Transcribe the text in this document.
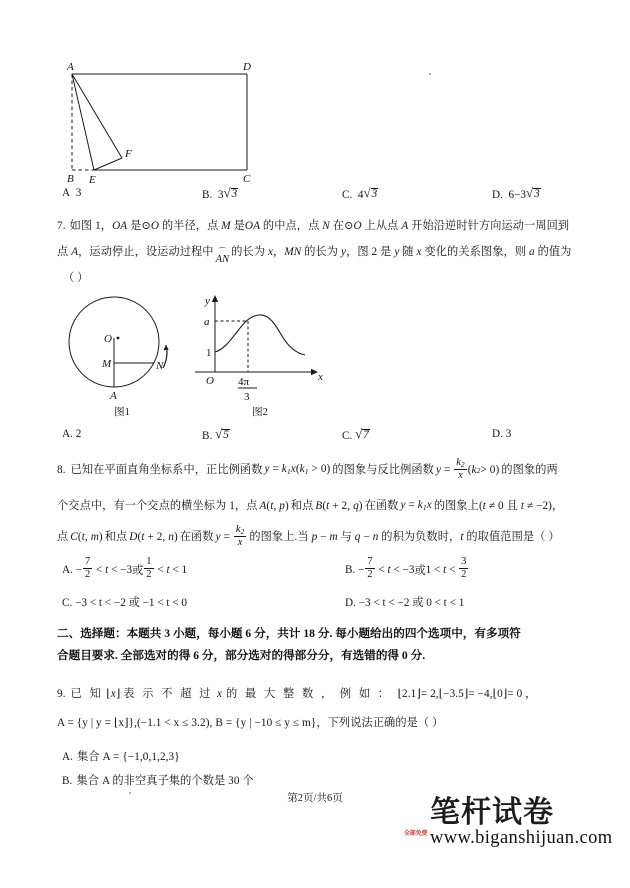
A	D
B E	C
F
A 3	B.  3 √ 3	C.  4 √ 3	D.  6−3 √ 3
7. 如图 1，OA 是⊙O 的半径，点 M 是OA 的中点，点 N 在⊙O 上从点 A 开始沿逆时针方向运动一周回到
点 A，运动停止，设运动过程中 ⌒
AN
的长为 x，MN 的长为 y，图 2 是 y 随 x 变化的关系图象，则 a 的值为
（ ）
O
M	N
A
图1
y
x
a
1
O 4π
3
图2
A. 2	B. √ 5	C. √ 7	D. 3
8. 已知在平面直角坐标系中，正比例函数 $y = k_1x(k_1 > 0)$ 的图象与反比例函数 $y = \frac{k_2}{x}$ ( k 2 > 0) 的图象的两
个交点中，有一个交点的横坐标为 1，点 A(t, p) 和点 B(t + 2, q) 在函数 $y = k_1x$ 的图象上(t ≠ 0 且 t ≠ −2)，
点 C(t, m) 和点 D(t + 2, n) 在函数 $y = \frac{k_2}{x}$ 的图象上.当 p − m 与 q − n 的积为负数时，t 的取值范围是（ ）
A.
− $\frac{7}{2} < t < -3$ 或 $\frac{1}{2} < t < 1$	B.
− $\frac{7}{2} < t < -3$ 或 $1 < t < \frac{3}{2}$
C. −3 < t < −2 或 −1 < t < 0	D. −3 < t < −2 或 0 < t < 1
二、选择题：本题共 3 小题，每小题 6 分，共计 18 分. 每小题给出的四个选项中，有多项符
合题目要求. 全部选对的得 6 分，部分选对的得部分分，有选错的得 0 分.
9. 已 知 ⌊x⌋ 表 示 不 超 过 x 的 最 大 整 数 ， 例 如 ： ⌊2.1⌋= 2, ⌊−3.5⌋= −4, ⌊0⌋= 0 ，
A = {y | y = ⌊x⌋} ,(−1.1 < x ≤ 3.2), B = {y | −10 ≤ y ≤ m} ，下列说法正确的是（ ）
A. 集合 A = {−1,0,1,2,3}
B. 集合 A 的非空真子集的个数是 30 个
第2页/共6页	笔杆试卷
www.biganshijuan.com
全部免费
